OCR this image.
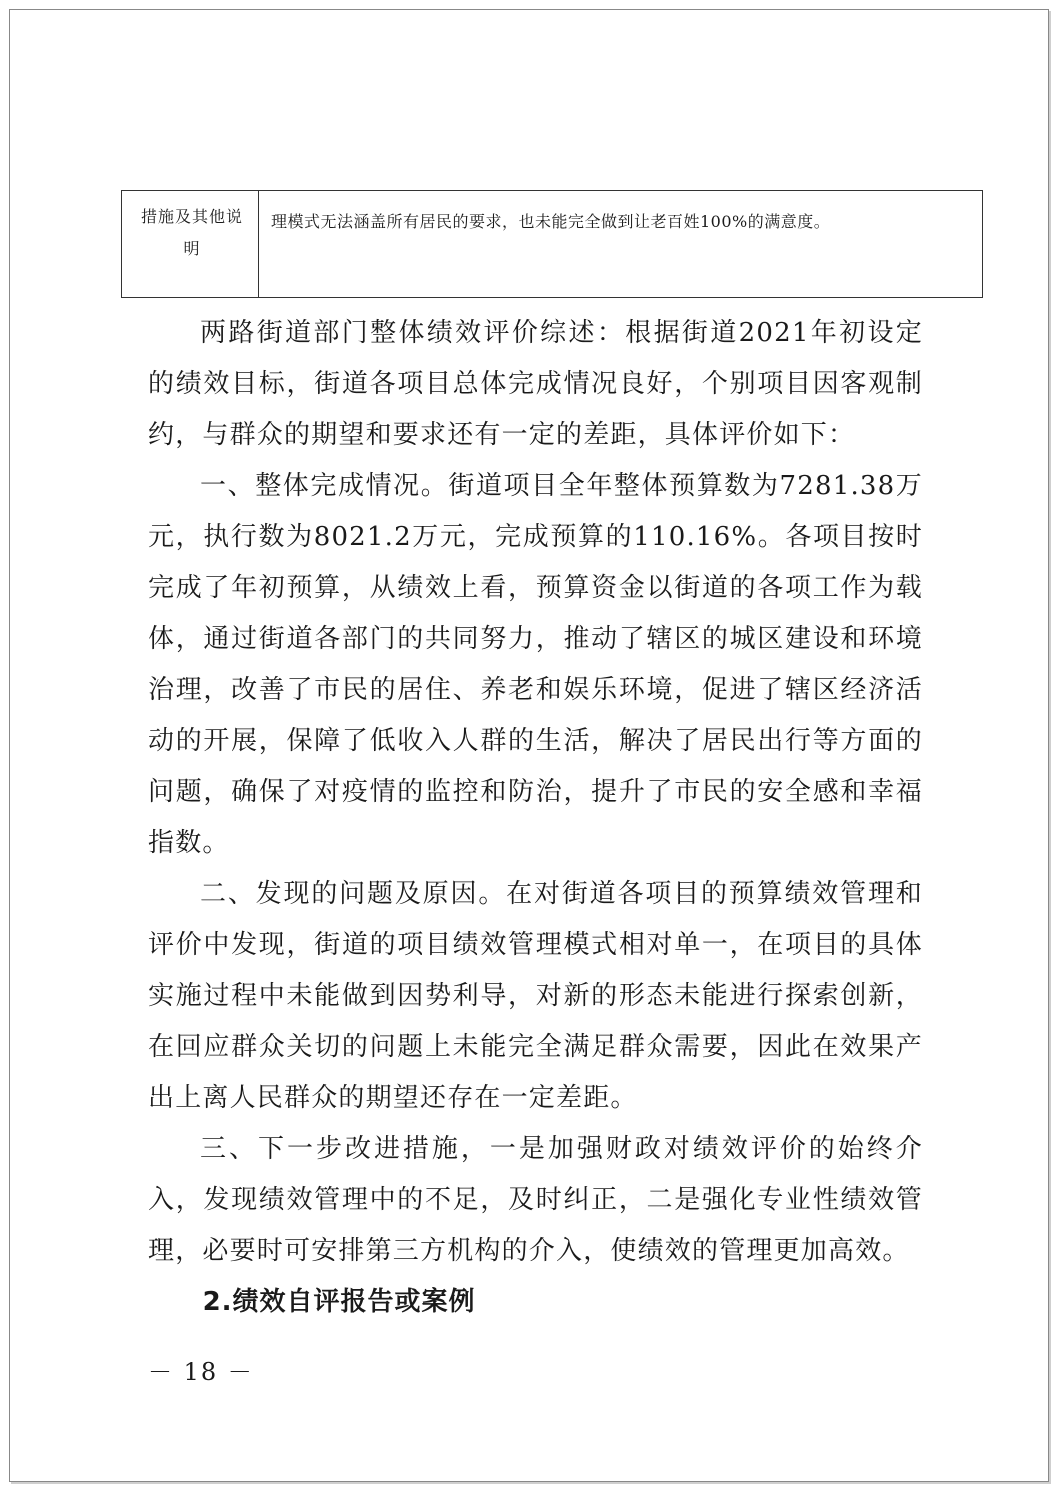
措施及其他说明
理模式无法涵盖所有居民的要求，也未能完全做到让老百姓100%的满意度。

两路街道部门整体绩效评价综述：根据街道2021年初设定的绩效目标，街道各项目总体完成情况良好，个别项目因客观制约，与群众的期望和要求还有一定的差距，具体评价如下：

一、整体完成情况。街道项目全年整体预算数为7281.38万元，执行数为8021.2万元，完成预算的110.16%。各项目按时完成了年初预算，从绩效上看，预算资金以街道的各项工作为载体，通过街道各部门的共同努力，推动了辖区的城区建设和环境治理，改善了市民的居住、养老和娱乐环境，促进了辖区经济活动的开展，保障了低收入人群的生活，解决了居民出行等方面的问题，确保了对疫情的监控和防治，提升了市民的安全感和幸福指数。

二、发现的问题及原因。在对街道各项目的预算绩效管理和评价中发现，街道的项目绩效管理模式相对单一，在项目的具体实施过程中未能做到因势利导，对新的形态未能进行探索创新，在回应群众关切的问题上未能完全满足群众需要，因此在效果产出上离人民群众的期望还存在一定差距。

三、下一步改进措施，一是加强财政对绩效评价的始终介入，发现绩效管理中的不足，及时纠正，二是强化专业性绩效管理，必要时可安排第三方机构的介入，使绩效的管理更加高效。

2.绩效自评报告或案例

－ 18 －
